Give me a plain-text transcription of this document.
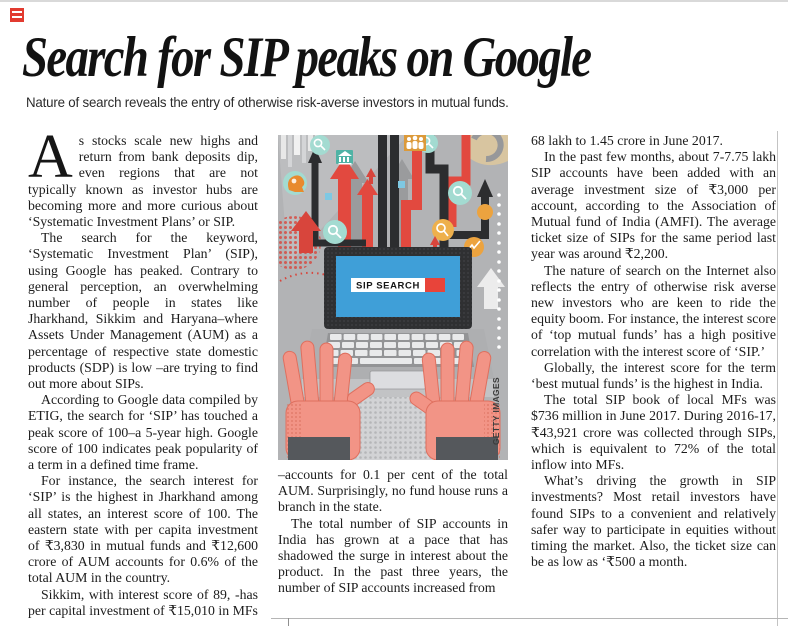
Search for SIP peaks on Google

Nature of search reveals the entry of otherwise risk-averse investors in mutual funds.

As stocks scale new highs and return from bank deposits dip, even regions that are not typically known as investor hubs are becoming more and more curious about ‘Systematic Investment Plans’ or SIP.

The search for the keyword, ‘Systematic Investment Plan’ (SIP), using Google has peaked. Contrary to general perception, an overwhelming number of people in states like Jharkhand, Sikkim and Haryana–where Assets Under Management (AUM) as a percentage of respective state domestic products (SDP) is low –are trying to find out more about SIPs.

According to Google data compiled by ETIG, the search for ‘SIP’ has touched a peak score of 100–a 5-year high. Google score of 100 indicates peak popularity of a term in a defined time frame.

For instance, the search interest for ‘SIP’ is the highest in Jharkhand among all states, an interest score of 100. The eastern state with per capita investment of ₹3,830 in mutual funds and ₹12,600 crore of AUM accounts for 0.6% of the total AUM in the country.

Sikkim, with interest score of 89, -has per capital investment of ₹15,010 in MFs

SIP SEARCH
GETTY IMAGES

–accounts for 0.1 per cent of the total AUM. Surprisingly, no fund house runs a branch in the state.

The total number of SIP accounts in India has grown at a pace that has shadowed the surge in interest about the product. In the past three years, the number of SIP accounts increased from

68 lakh to 1.45 crore in June 2017.

In the past few months, about 7-7.75 lakh SIP accounts have been added with an average investment size of ₹3,000 per account, according to the Association of Mutual fund of India (AMFI). The average ticket size of SIPs for the same period last year was around ₹2,200.

The nature of search on the Internet also reflects the entry of otherwise risk averse new investors who are keen to ride the equity boom. For instance, the interest score of ‘top mutual funds’ has a high positive correlation with the interest score of ‘SIP.’

Globally, the interest score for the term ‘best mutual funds’ is the highest in India.

The total SIP book of local MFs was $736 million in June 2017. During 2016-17, ₹43,921 crore was collected through SIPs, which is equivalent to 72% of the total inflow into MFs.

What’s driving the growth in SIP investments? Most retail investors have found SIPs to a convenient and relatively safer way to participate in equities without timing the market. Also, the ticket size can be as low as ‘₹500 a month.
